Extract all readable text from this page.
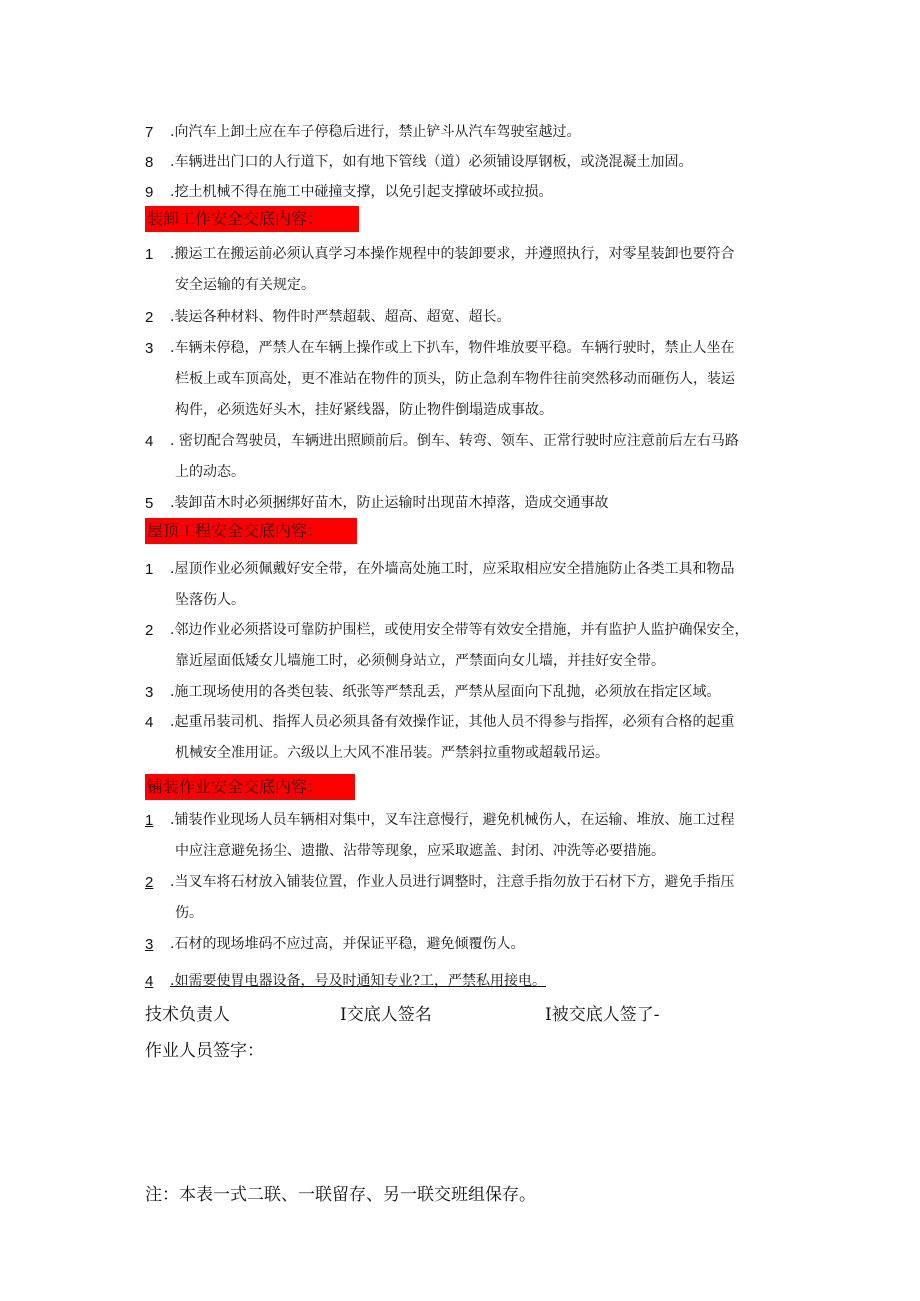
7 .向汽车上卸土应在车子停稳后进行，禁止铲斗从汽车驾驶室越过。
8 .车辆进出门口的人行道下，如有地下管线（道）必须铺设厚钢板，或浇混凝土加固。
9 .挖土机械不得在施工中碰撞支撑，以免引起支撑破坏或拉损。
装卸工作安全交底内容：
1 .搬运工在搬运前必须认真学习本操作规程中的装卸要求，并遵照执行，对零星装卸也要符合
安全运输的有关规定。
2 .装运各种材料、物件时严禁超载、超高、超宽、超长。
3 .车辆未停稳，严禁人在车辆上操作或上下扒车，物件堆放要平稳。车辆行驶时，禁止人坐在
栏板上或车顶高处，更不准站在物件的顶头，防止急刹车物件往前突然移动而砸伤人，装运
构件，必须选好头木，挂好紧线器，防止物件倒塌造成事故。
4 . 密切配合驾驶员，车辆进出照顾前后。倒车、转弯、领车、正常行驶时应注意前后左右马路
上的动态。
5 .装卸苗木时必须捆绑好苗木，防止运输时出现苗木掉落，造成交通事故
屋顶工程安全交底内容：
1 .屋顶作业必须佩戴好安全带，在外墙高处施工时，应采取相应安全措施防止各类工具和物品
坠落伤人。
2 .邻边作业必须搭设可靠防护围栏，或使用安全带等有效安全措施，并有监护人监护确保安全，
靠近屋面低矮女儿墙施工时，必须侧身站立，严禁面向女儿墙，并挂好安全带。
3 .施工现场使用的各类包装、纸张等严禁乱丢，严禁从屋面向下乱抛，必须放在指定区域。
4 .起重吊装司机、指挥人员必须具备有效操作证，其他人员不得参与指挥，必须有合格的起重
机械安全准用证。六级以上大风不准吊装。严禁斜拉重物或超载吊运。
铺装作业安全交底内容：
1 .铺装作业现场人员车辆相对集中，叉车注意慢行，避免机械伤人，在运输、堆放、施工过程
中应注意避免扬尘、遗撒、沾带等现象，应采取遮盖、封闭、冲洗等必要措施。
2 .当叉车将石材放入铺装位置，作业人员进行调整时，注意手指勿放于石材下方，避免手指压
伤。
3 .石材的现场堆码不应过高，并保证平稳，避免倾覆伤人。
4 .如需要使胃电器设备，号及时通知专业?工，严禁私用接电。
技术负责人	I交底人签名	I被交底人签了-
作业人员签字：
注：本表一式二联、一联留存、另一联交班组保存。
